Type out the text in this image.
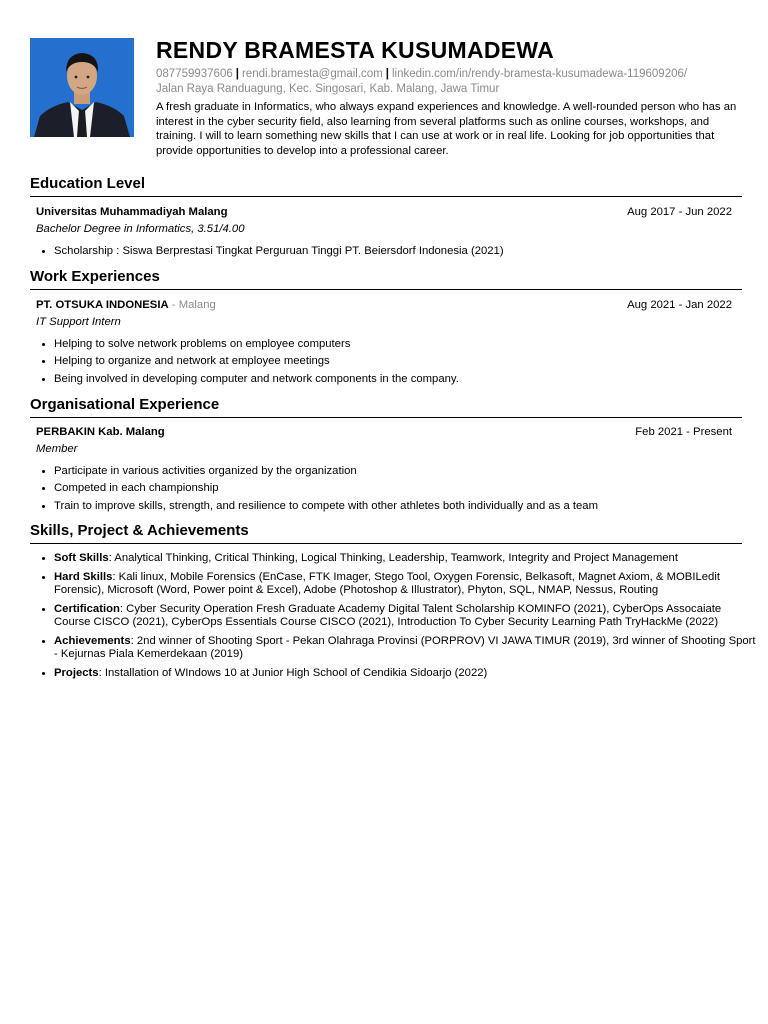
RENDY BRAMESTA KUSUMADEWA
087759937606 | rendi.bramesta@gmail.com | linkedin.com/in/rendy-bramesta-kusumadewa-119609206/
Jalan Raya Randuagung, Kec. Singosari, Kab. Malang, Jawa Timur
A fresh graduate in Informatics, who always expand experiences and knowledge. A well-rounded person who has an interest in the cyber security field, also learning from several platforms such as online courses, workshops, and training. I will to learn something new skills that I can use at work or in real life. Looking for job opportunities that provide opportunities to develop into a professional career.
Education Level
Universitas Muhammadiyah Malang	Aug 2017 - Jun 2022
Bachelor Degree in Informatics, 3.51/4.00
• Scholarship : Siswa Berprestasi Tingkat Perguruan Tinggi PT. Beiersdorf Indonesia (2021)
Work Experiences
PT. OTSUKA INDONESIA - Malang	Aug 2021 - Jan 2022
IT Support Intern
• Helping to solve network problems on employee computers
• Helping to organize and network at employee meetings
• Being involved in developing computer and network components in the company.
Organisational Experience
PERBAKIN Kab. Malang	Feb 2021 - Present
Member
• Participate in various activities organized by the organization
• Competed in each championship
• Train to improve skills, strength, and resilience to compete with other athletes both individually and as a team
Skills, Project & Achievements
• Soft Skills: Analytical Thinking, Critical Thinking, Logical Thinking, Leadership, Teamwork, Integrity and Project Management
• Hard Skills: Kali linux, Mobile Forensics (EnCase, FTK Imager, Stego Tool, Oxygen Forensic, Belkasoft, Magnet Axiom, & MOBILedit Forensic), Microsoft (Word, Power point & Excel), Adobe (Photoshop & Illustrator), Phyton, SQL, NMAP, Nessus, Routing
• Certification: Cyber Security Operation Fresh Graduate Academy Digital Talent Scholarship KOMINFO (2021), CyberOps Assocaiate Course CISCO (2021), CyberOps Essentials Course CISCO (2021), Introduction To Cyber Security Learning Path TryHackMe (2022)
• Achievements: 2nd winner of Shooting Sport - Pekan Olahraga Provinsi (PORPROV) VI JAWA TIMUR (2019), 3rd winner of Shooting Sport - Kejurnas Piala Kemerdekaan (2019)
• Projects: Installation of WIndows 10 at Junior High School of Cendikia Sidoarjo (2022)
